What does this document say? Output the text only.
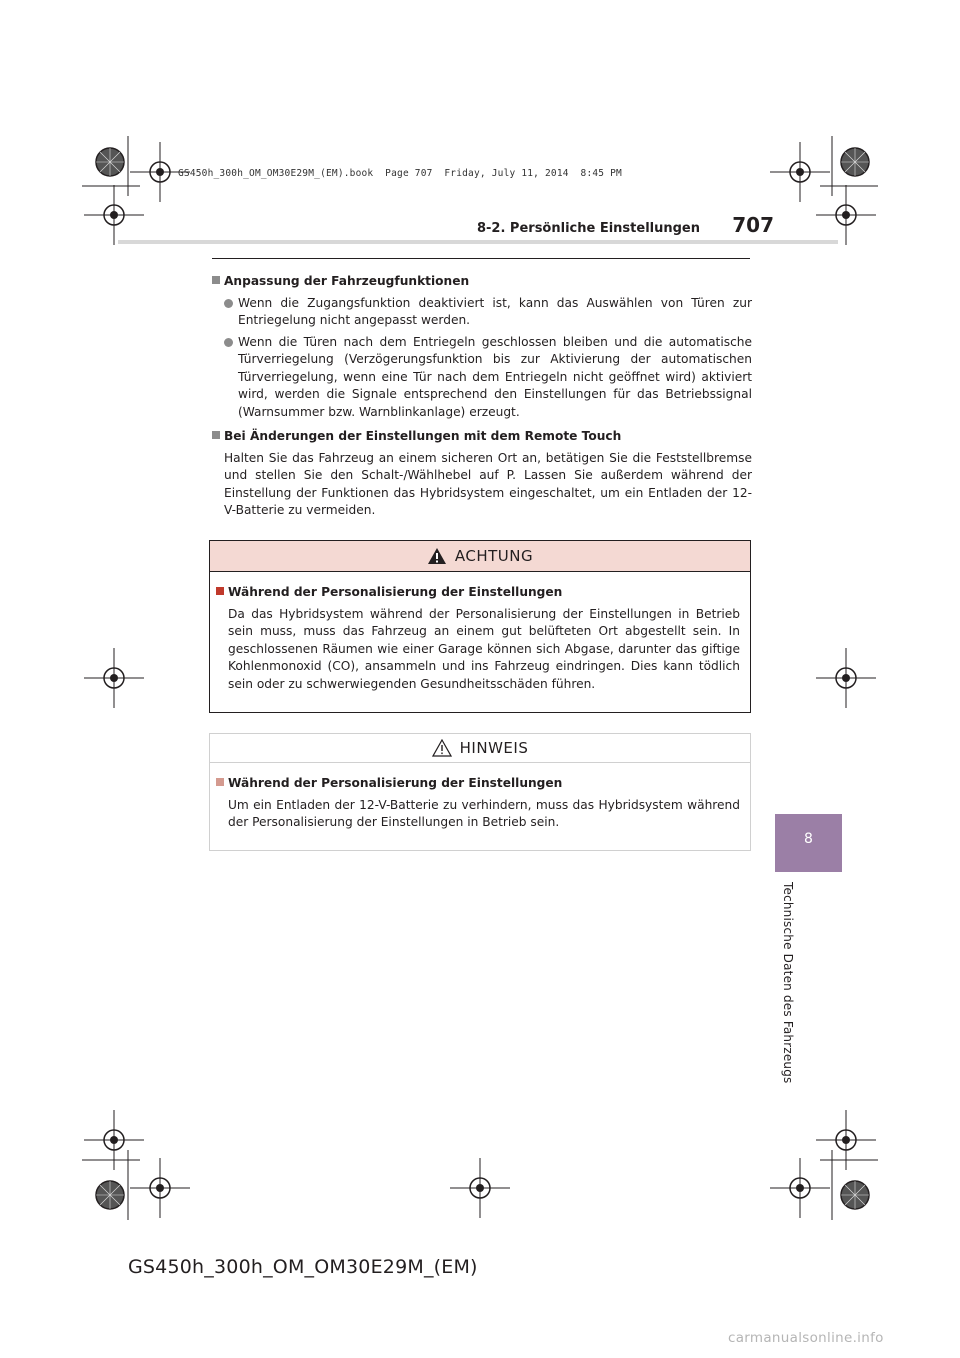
GS450h_300h_OM_OM30E29M_(EM).book  Page 707  Friday, July 11, 2014  8:45 PM
8-2. Persönliche Einstellungen	707
8
Technische Daten des Fahrzeugs
Anpassung der Fahrzeugfunktionen
Wenn die Zugangsfunktion deaktiviert ist, kann das Auswählen von Türen zur Entriegelung nicht angepasst werden.
Wenn die Türen nach dem Entriegeln geschlossen bleiben und die automatische Türverriegelung (Verzögerungsfunktion bis zur Aktivierung der automatischen Türverriegelung, wenn eine Tür nach dem Entriegeln nicht geöffnet wird) aktiviert wird, werden die Signale entsprechend den Einstellungen für das Betriebssignal (Warnsummer bzw. Warnblinkanlage) erzeugt.
Bei Änderungen der Einstellungen mit dem Remote Touch
Halten Sie das Fahrzeug an einem sicheren Ort an, betätigen Sie die Feststellbremse und stellen Sie den Schalt-/Wählhebel auf P. Lassen Sie außerdem während der Einstellung der Funktionen das Hybridsystem eingeschaltet, um ein Entladen der 12-V-Batterie zu vermeiden.
ACHTUNG
Während der Personalisierung der Einstellungen
Da das Hybridsystem während der Personalisierung der Einstellungen in Betrieb sein muss, muss das Fahrzeug an einem gut belüfteten Ort abgestellt sein. In geschlossenen Räumen wie einer Garage können sich Abgase, darunter das giftige Kohlenmonoxid (CO), ansammeln und ins Fahrzeug eindringen. Dies kann tödlich sein oder zu schwerwiegenden Gesundheitsschäden führen.
HINWEIS
Während der Personalisierung der Einstellungen
Um ein Entladen der 12-V-Batterie zu verhindern, muss das Hybridsystem während der Personalisierung der Einstellungen in Betrieb sein.
GS450h_300h_OM_OM30E29M_(EM)
carmanualsonline.info
